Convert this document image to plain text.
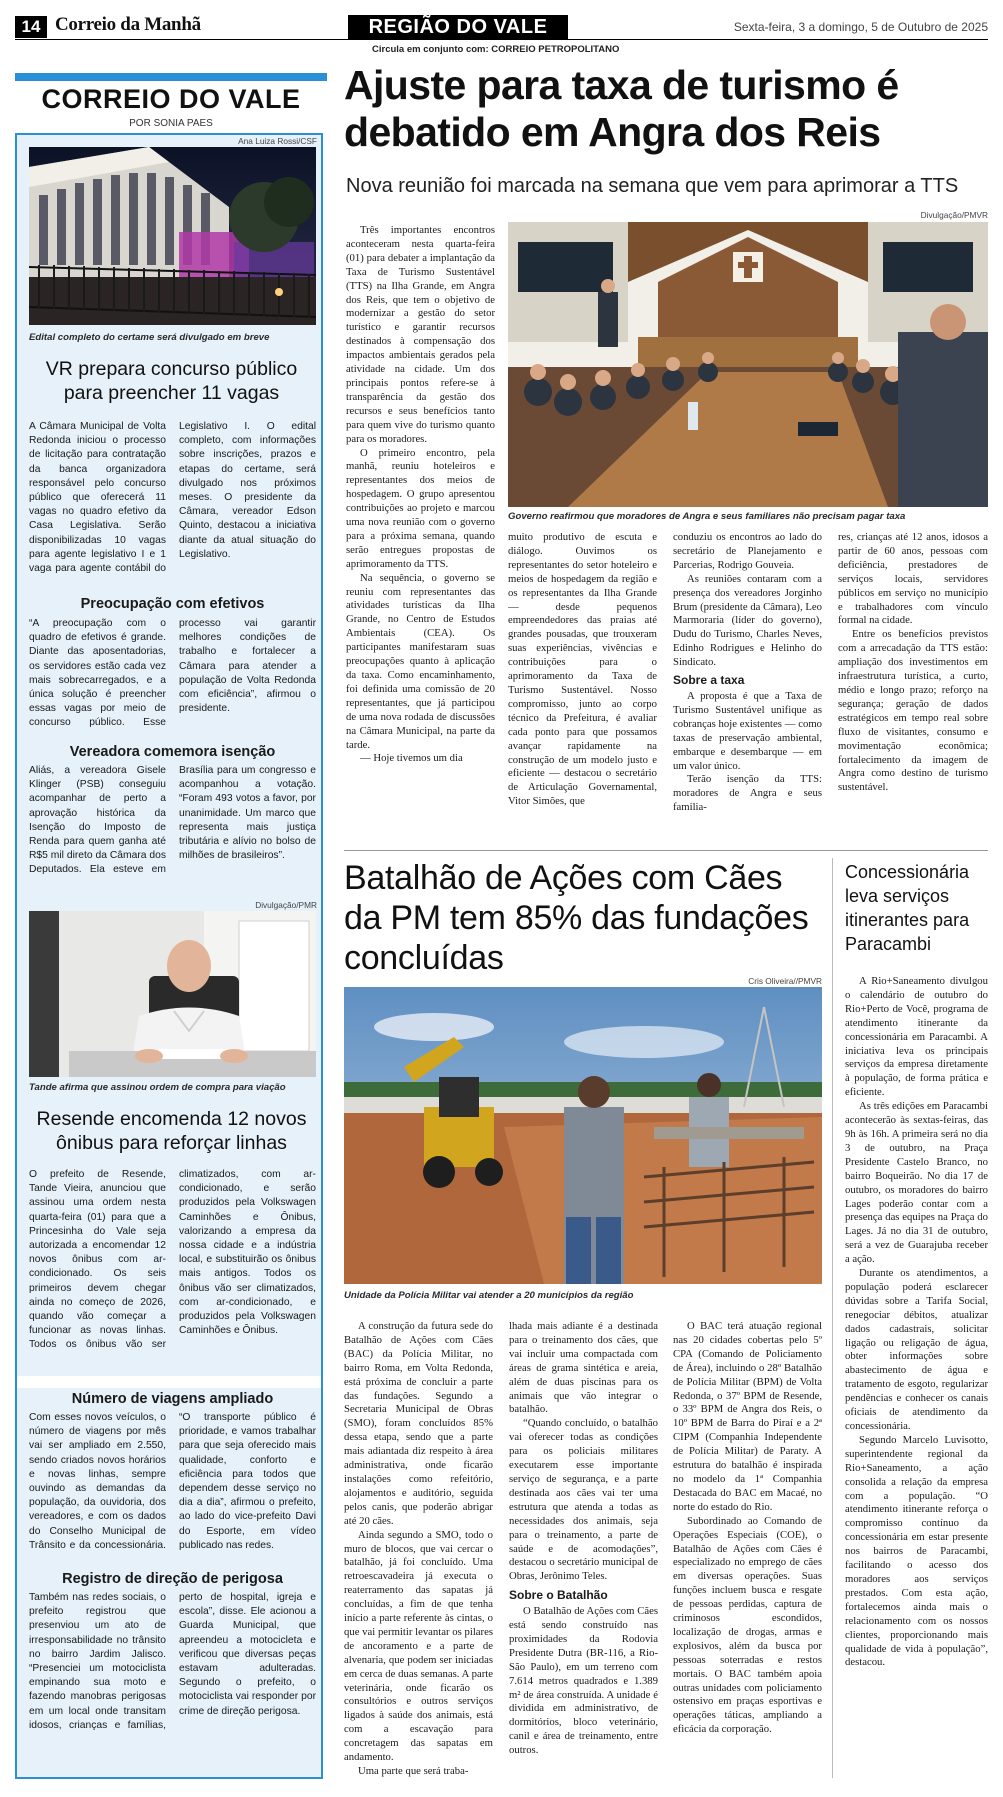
14 Correio da Manhã	REGIÃO DO VALE	Sexta-feira, 3 a domingo, 5 de Outubro de 2025
Circula em conjunto com: CORREIO PETROPOLITANO
CORREIO DO VALE
POR SONIA PAES
Ana Luiza Rossi/CSF
Edital completo do certame será divulgado em breve
VR prepara concurso público para preencher 11 vagas

A Câmara Municipal de Volta Redonda iniciou o processo de licitação para contratação da banca organizadora responsável pelo concurso público que oferecerá 11 vagas no quadro efetivo da Casa Legislativa. Serão disponibilizadas 10 vagas para agente legislativo I e 1 vaga para agente contábil do Legislativo I. O edital completo, com informações sobre inscrições, prazos e etapas do certame, será divulgado nos próximos meses. O presidente da Câmara, vereador Edson Quinto, destacou a iniciativa diante da atual situação do Legislativo.

Preocupação com efetivos

“A preocupação com o quadro de efetivos é grande. Diante das aposentadorias, os servidores estão cada vez mais sobrecarregados, e a única solução é preencher essas vagas por meio de concurso público. Esse processo vai garantir melhores condições de trabalho e fortalecer a Câmara para atender a população de Volta Redonda com eficiência”, afirmou o presidente.

Vereadora comemora isenção

Aliás, a vereadora Gisele Klinger (PSB) conseguiu acompanhar de perto a aprovação histórica da Isenção do Imposto de Renda para quem ganha até R$5 mil direto da Câmara dos Deputados. Ela esteve em Brasília para um congresso e acompanhou a votação. “Foram 493 votos a favor, por unanimidade. Um marco que representa mais justiça tributária e alívio no bolso de milhões de brasileiros”.

Divulgação/PMR
Tande afirma que assinou ordem de compra para viação
Resende encomenda 12 novos ônibus para reforçar linhas

O prefeito de Resende, Tande Vieira, anunciou que assinou uma ordem nesta quarta-feira (01) para que a Princesinha do Vale seja autorizada a encomendar 12 novos ônibus com ar-condicionado. Os seis primeiros devem chegar ainda no começo de 2026, quando vão começar a funcionar as novas linhas. Todos os ônibus vão ser climatizados, com ar-condicionado, e serão produzidos pela Volkswagen Caminhões e Ônibus, valorizando a empresa da nossa cidade e a indústria local, e substituirão os ônibus mais antigos. Todos os ônibus vão ser climatizados, com ar-condicionado, e produzidos pela Volkswagen Caminhões e Ônibus.

Número de viagens ampliado

Com esses novos veículos, o número de viagens por mês vai ser ampliado em 2.550, sendo criados novos horários e novas linhas, sempre ouvindo as demandas da população, da ouvidoria, dos vereadores, e com os dados do Conselho Municipal de Trânsito e da concessionária. “O transporte público é prioridade, e vamos trabalhar para que seja oferecido mais qualidade, conforto e eficiência para todos que dependem desse serviço no dia a dia”, afirmou o prefeito, ao lado do vice-prefeito Davi do Esporte, em vídeo publicado nas redes.

Registro de direção de perigosa

Também nas redes sociais, o prefeito registrou que presenviou um ato de irresponsabilidade no trânsito no bairro Jardim Jalisco. “Presenciei um motociclista empinando sua moto e fazendo manobras perigosas em um local onde transitam idosos, crianças e famílias, perto de hospital, igreja e escola”, disse. Ele acionou a Guarda Municipal, que apreendeu a motocicleta e verificou que diversas peças estavam adulteradas. Segundo o prefeito, o motociclista vai responder por crime de direção perigosa.

Ajuste para taxa de turismo é debatido em Angra dos Reis
Nova reunião foi marcada na semana que vem para aprimorar a TTS
Divulgação/PMVR

Três importantes encontros aconteceram nesta quarta-feira (01) para debater a implantação da Taxa de Turismo Sustentável (TTS) na Ilha Grande, em Angra dos Reis, que tem o objetivo de modernizar a gestão do setor turístico e garantir recursos destinados à compensação dos impactos ambientais gerados pela atividade na cidade. Um dos principais pontos refere-se à transparência da gestão dos recursos e seus benefícios tanto para quem vive do turismo quanto para os moradores.

O primeiro encontro, pela manhã, reuniu hoteleiros e representantes dos meios de hospedagem. O grupo apresentou contribuições ao projeto e marcou uma nova reunião com o governo para a próxima semana, quando serão entregues propostas de aprimoramento da TTS.

Na sequência, o governo se reuniu com representantes das atividades turísticas da Ilha Grande, no Centro de Estudos Ambientais (CEA). Os participantes manifestaram suas preocupações quanto à aplicação da taxa. Como encaminhamento, foi definida uma comissão de 20 representantes, que já participou de uma nova rodada de discussões na Câmara Municipal, na parte da tarde.

— Hoje tivemos um dia

Governo reafirmou que moradores de Angra e seus familiares não precisam pagar taxa

muito produtivo de escuta e diálogo. Ouvimos os representantes do setor hoteleiro e meios de hospedagem da região e os representantes da Ilha Grande — desde pequenos empreendedores das praias até grandes pousadas, que trouxeram suas experiências, vivências e contribuições para o aprimoramento da Taxa de Turismo Sustentável. Nosso compromisso, junto ao corpo técnico da Prefeitura, é avaliar cada ponto para que possamos avançar rapidamente na construção de um modelo justo e eficiente — destacou o secretário de Articulação Governamental, Vitor Simões, que

conduziu os encontros ao lado do secretário de Planejamento e Parcerias, Rodrigo Gouveia.

As reuniões contaram com a presença dos vereadores Jorginho Brum (presidente da Câmara), Leo Marmoraria (líder do governo), Dudu do Turismo, Charles Neves, Edinho Rodrigues e Helinho do Sindicato.

Sobre a taxa

A proposta é que a Taxa de Turismo Sustentável unifique as cobranças hoje existentes — como taxas de preservação ambiental, embarque e desembarque — em um valor único.

Terão isenção da TTS: moradores de Angra e seus familia-

res, crianças até 12 anos, idosos a partir de 60 anos, pessoas com deficiência, prestadores de serviços locais, servidores públicos em serviço no município e trabalhadores com vínculo formal na cidade.

Entre os benefícios previstos com a arrecadação da TTS estão: ampliação dos investimentos em infraestrutura turística, a curto, médio e longo prazo; reforço na segurança; geração de dados estratégicos em tempo real sobre fluxo de visitantes, consumo e movimentação econômica; fortalecimento da imagem de Angra como destino de turismo sustentável.

Batalhão de Ações com Cães da PM tem 85% das fundações concluídas
Cris Oliveira//PMVR
Unidade da Polícia Militar vai atender a 20 municípios da região

A construção da futura sede do Batalhão de Ações com Cães (BAC) da Polícia Militar, no bairro Roma, em Volta Redonda, está próxima de concluir a parte das fundações. Segundo a Secretaria Municipal de Obras (SMO), foram concluídos 85% dessa etapa, sendo que a parte mais adiantada diz respeito à área administrativa, onde ficarão instalações como refeitório, alojamentos e auditório, seguida pelos canis, que poderão abrigar até 20 cães.

Ainda segundo a SMO, todo o muro de blocos, que vai cercar o batalhão, já foi concluído. Uma retroescavadeira já executa o reaterramento das sapatas já concluídas, a fim de que tenha início a parte referente às cintas, o que vai permitir levantar os pilares de ancoramento e a parte de alvenaria, que podem ser iniciadas em cerca de duas semanas. A parte veterinária, onde ficarão os consultórios e outros serviços ligados à saúde dos animais, está com a escavação para concretagem das sapatas em andamento.

Uma parte que será traba-

lhada mais adiante é a destinada para o treinamento dos cães, que vai incluir uma compactada com áreas de grama sintética e areia, além de duas piscinas para os animais que vão integrar o batalhão.

“Quando concluído, o batalhão vai oferecer todas as condições para os policiais militares executarem esse importante serviço de segurança, e a parte destinada aos cães vai ter uma estrutura que atenda a todas as necessidades dos animais, seja para o treinamento, a parte de saúde e de acomodações”, destacou o secretário municipal de Obras, Jerônimo Teles.

Sobre o Batalhão

O Batalhão de Ações com Cães está sendo construído nas proximidades da Rodovia Presidente Dutra (BR-116, a Rio-São Paulo), em um terreno com 7.614 metros quadrados e 1.389 m² de área construída. A unidade é dividida em administrativo, de dormitórios, bloco veterinário, canil e área de treinamento, entre outros.

O BAC terá atuação regional nas 20 cidades cobertas pelo 5º CPA (Comando de Policiamento de Área), incluindo o 28º Batalhão de Polícia Militar (BPM) de Volta Redonda, o 37º BPM de Resende, o 33º BPM de Angra dos Reis, o 10º BPM de Barra do Piraí e a 2ª CIPM (Companhia Independente de Polícia Militar) de Paraty. A estrutura do batalhão é inspirada no modelo da 1ª Companhia Destacada do BAC em Macaé, no norte do estado do Rio.

Subordinado ao Comando de Operações Especiais (COE), o Batalhão de Ações com Cães é especializado no emprego de cães em diversas operações. Suas funções incluem busca e resgate de pessoas perdidas, captura de criminosos escondidos, localização de drogas, armas e explosivos, além da busca por pessoas soterradas e restos mortais. O BAC também apoia outras unidades com policiamento ostensivo em praças esportivas e operações táticas, ampliando a eficácia da corporação.

Concessionária leva serviços itinerantes para Paracambi

A Rio+Saneamento divulgou o calendário de outubro do Rio+Perto de Você, programa de atendimento itinerante da concessionária em Paracambi. A iniciativa leva os principais serviços da empresa diretamente à população, de forma prática e eficiente.

As três edições em Paracambi acontecerão às sextas-feiras, das 9h às 16h. A primeira será no dia 3 de outubro, na Praça Presidente Castelo Branco, no bairro Boqueirão. No dia 17 de outubro, os moradores do bairro Lages poderão contar com a presença das equipes na Praça do Lages. Já no dia 31 de outubro, será a vez de Guarajuba receber a ação.

Durante os atendimentos, a população poderá esclarecer dúvidas sobre a Tarifa Social, renegociar débitos, atualizar dados cadastrais, solicitar ligação ou religação de água, obter informações sobre abastecimento de água e tratamento de esgoto, regularizar pendências e conhecer os canais oficiais de atendimento da concessionária.

Segundo Marcelo Luvisotto, superintendente regional da Rio+Saneamento, a ação consolida a relação da empresa com a população. “O atendimento itinerante reforça o compromisso contínuo da concessionária em estar presente nos bairros de Paracambi, facilitando o acesso dos moradores aos serviços prestados. Com esta ação, fortalecemos ainda mais o relacionamento com os nossos clientes, proporcionando mais qualidade de vida à população”, destacou.
